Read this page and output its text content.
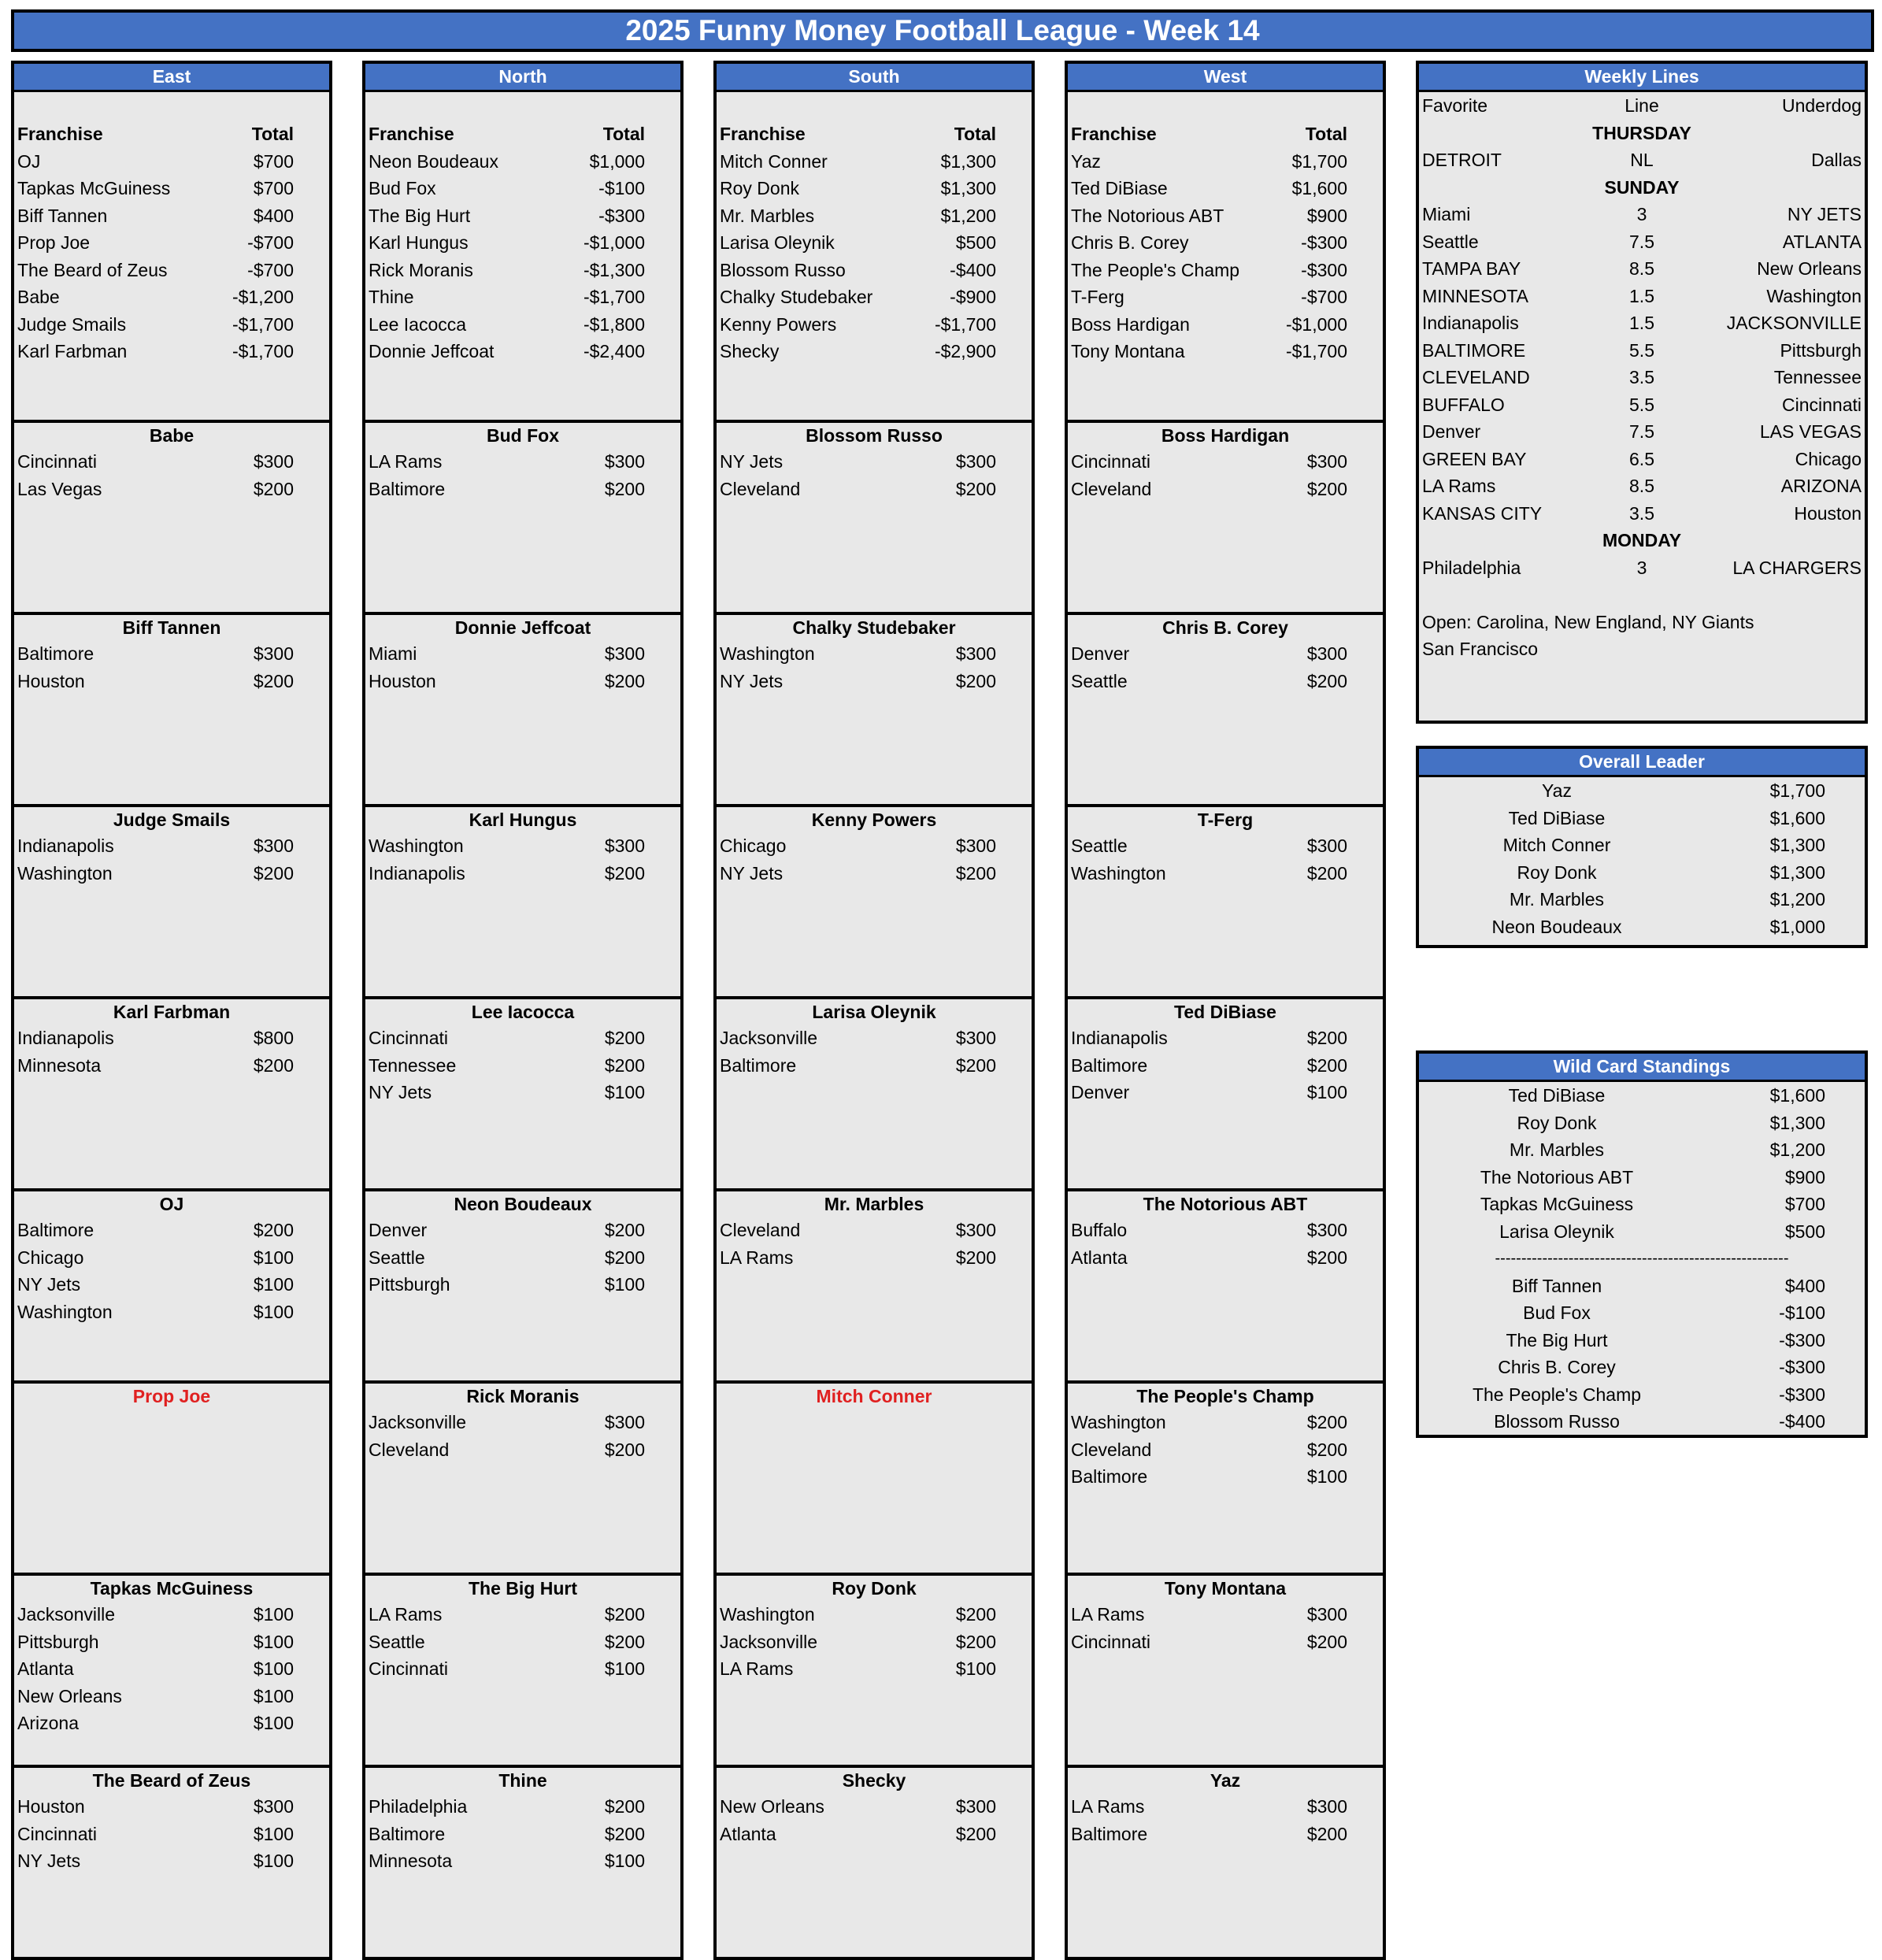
2025 Funny Money Football League - Week 14
East
Franchise	Total
OJ	$700
Tapkas McGuiness	$700
Biff Tannen	$400
Prop Joe	-$700
The Beard of Zeus	-$700
Babe	-$1,200
Judge Smails	-$1,700
Karl Farbman	-$1,700
Babe
Cincinnati	$300
Las Vegas	$200
Biff Tannen
Baltimore	$300
Houston	$200
Judge Smails
Indianapolis	$300
Washington	$200
Karl Farbman
Indianapolis	$800
Minnesota	$200
OJ
Baltimore	$200
Chicago	$100
NY Jets	$100
Washington	$100
Prop Joe
Tapkas McGuiness
Jacksonville	$100
Pittsburgh	$100
Atlanta	$100
New Orleans	$100
Arizona	$100
The Beard of Zeus
Houston	$300
Cincinnati	$100
NY Jets	$100
North
Franchise	Total
Neon Boudeaux	$1,000
Bud Fox	-$100
The Big Hurt	-$300
Karl Hungus	-$1,000
Rick Moranis	-$1,300
Thine	-$1,700
Lee Iacocca	-$1,800
Donnie Jeffcoat	-$2,400
Bud Fox
LA Rams	$300
Baltimore	$200
Donnie Jeffcoat
Miami	$300
Houston	$200
Karl Hungus
Washington	$300
Indianapolis	$200
Lee Iacocca
Cincinnati	$200
Tennessee	$200
NY Jets	$100
Neon Boudeaux
Denver	$200
Seattle	$200
Pittsburgh	$100
Rick Moranis
Jacksonville	$300
Cleveland	$200
The Big Hurt
LA Rams	$200
Seattle	$200
Cincinnati	$100
Thine
Philadelphia	$200
Baltimore	$200
Minnesota	$100
South
Franchise	Total
Mitch Conner	$1,300
Roy Donk	$1,300
Mr. Marbles	$1,200
Larisa Oleynik	$500
Blossom Russo	-$400
Chalky Studebaker	-$900
Kenny Powers	-$1,700
Shecky	-$2,900
Blossom Russo
NY Jets	$300
Cleveland	$200
Chalky Studebaker
Washington	$300
NY Jets	$200
Kenny Powers
Chicago	$300
NY Jets	$200
Larisa Oleynik
Jacksonville	$300
Baltimore	$200
Mr. Marbles
Cleveland	$300
LA Rams	$200
Mitch Conner
Roy Donk
Washington	$200
Jacksonville	$200
LA Rams	$100
Shecky
New Orleans	$300
Atlanta	$200
West
Franchise	Total
Yaz	$1,700
Ted DiBiase	$1,600
The Notorious ABT	$900
Chris B. Corey	-$300
The People's Champ	-$300
T-Ferg	-$700
Boss Hardigan	-$1,000
Tony Montana	-$1,700
Boss Hardigan
Cincinnati	$300
Cleveland	$200
Chris B. Corey
Denver	$300
Seattle	$200
T-Ferg
Seattle	$300
Washington	$200
Ted DiBiase
Indianapolis	$200
Baltimore	$200
Denver	$100
The Notorious ABT
Buffalo	$300
Atlanta	$200
The People's Champ
Washington	$200
Cleveland	$200
Baltimore	$100
Tony Montana
LA Rams	$300
Cincinnati	$200
Yaz
LA Rams	$300
Baltimore	$200
Weekly Lines
Favorite	Line	Underdog
THURSDAY
DETROIT	NL	Dallas
SUNDAY
Miami	3	NY JETS
Seattle	7.5	ATLANTA
TAMPA BAY	8.5	New Orleans
MINNESOTA	1.5	Washington
Indianapolis	1.5	JACKSONVILLE
BALTIMORE	5.5	Pittsburgh
CLEVELAND	3.5	Tennessee
BUFFALO	5.5	Cincinnati
Denver	7.5	LAS VEGAS
GREEN BAY	6.5	Chicago
LA Rams	8.5	ARIZONA
KANSAS CITY	3.5	Houston
MONDAY
Philadelphia	3	LA CHARGERS
Open: Carolina, New England, NY Giants
San Francisco
Overall Leader
Yaz	$1,700
Ted DiBiase	$1,600
Mitch Conner	$1,300
Roy Donk	$1,300
Mr. Marbles	$1,200
Neon Boudeaux	$1,000
Wild Card Standings
Ted DiBiase	$1,600
Roy Donk	$1,300
Mr. Marbles	$1,200
The Notorious ABT	$900
Tapkas McGuiness	$700
Larisa Oleynik	$500
--------------------------------------------------------
Biff Tannen	$400
Bud Fox	-$100
The Big Hurt	-$300
Chris B. Corey	-$300
The People's Champ	-$300
Blossom Russo	-$400
